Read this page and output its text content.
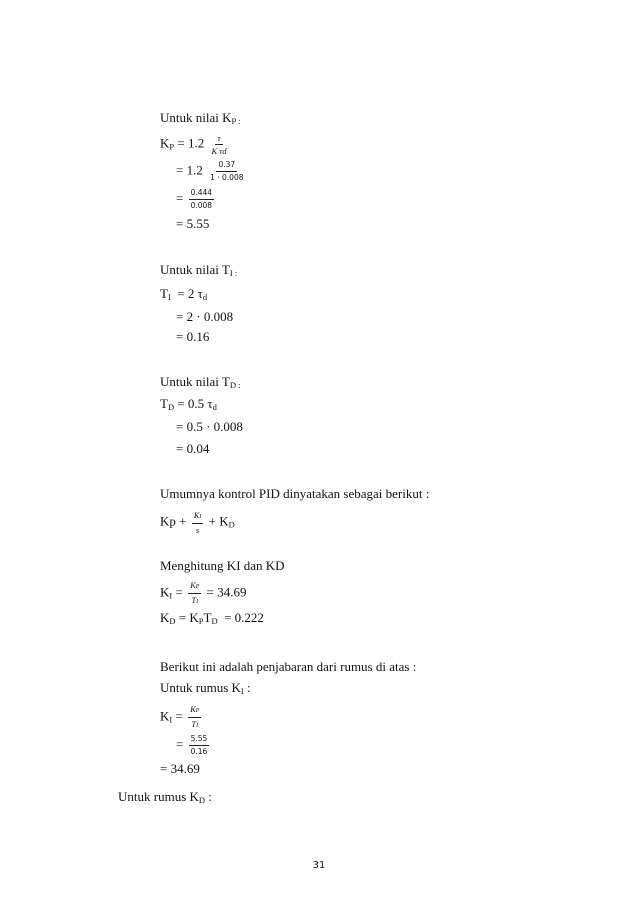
Untuk nilai $K_{P :}$
$K_P = 1.2 \frac{\tau}{\text{K τd}}$
= $1.2 \frac{0.37}{1 \cdot 0.008}$
= $\frac{0.444}{0.008}$
= 5.55
Untuk nilai $T_{I :}$
$T_I = 2$ $\tau_d$
= 2 · 0.008
= 0.16
Untuk nilai $T_{D :}$
$T_D = 0.5$ $\tau_d$
= 0.5 · 0.008
= 0.04
Umumnya kontrol PID dinyatakan sebagai berikut :
$Kp + \frac{KI}{s} + K_D$
Menghitung KI dan KD
$K_I = \frac{KP}{TI} = 34.69$
$K_D = K_PT_D = 0.222$
Berikut ini adalah penjabaran dari rumus di atas :
Untuk rumus $K_I$ :
$K_I = \frac{KP}{TI}$
= $\frac{5.55}{0.16}$
= 34.69
Untuk rumus $K_D$ :
31
